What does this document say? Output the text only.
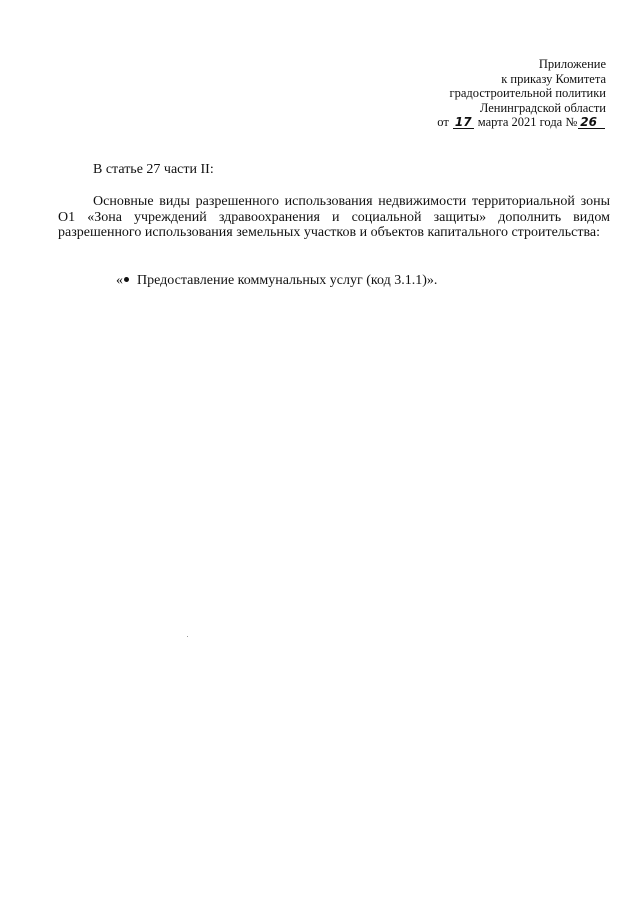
Приложение
к приказу Комитета
градостроительной политики
Ленинградской области
от 17 марта 2021 года № 26
В статье 27 части II:
Основные виды разрешенного использования недвижимости территориальной зоны О1 «Зона учреждений здравоохранения и социальной защиты» дополнить видом разрешенного использования земельных участков и объектов капитального строительства:
« Предоставление коммунальных услуг (код 3.1.1)».
